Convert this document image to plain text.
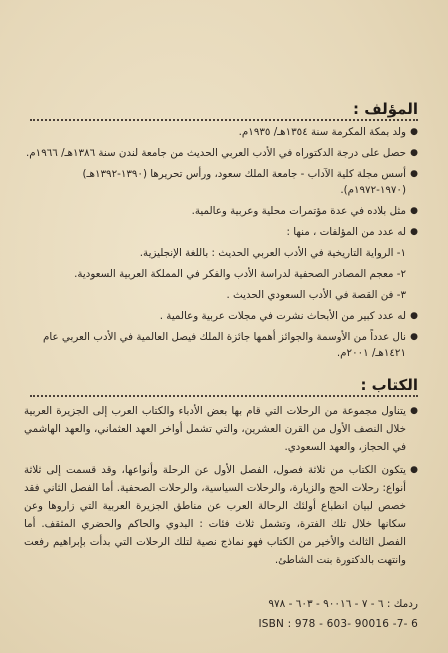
المؤلف :
●
ولد بمكة المكرمة سنة ١٣٥٤هـ/ ١٩٣٥م.
●
حصل على درجة الدكتوراه في الأدب العربي الحديث من جامعة لندن سنة ١٣٨٦هـ/ ١٩٦٦م.
●
أسس مجلة كلية الآداب - جامعة الملك سعود، ورأس تحريرها (١٣٩٠-١٣٩٢هـ) (١٩٧٠-١٩٧٢م).
●
مثل بلاده في عدة مؤتمرات محلية وعربية وعالمية.
●
له عدد من المؤلفات ، منها :
١- الرواية التاريخية في الأدب العربي الحديث : باللغة الإنجليزية.
٢- معجم المصادر الصحفية لدراسة الأدب والفكر في المملكة العربية السعودية.
٣- فن القصة في الأدب السعودي الحديث .
●
له عدد كبير من الأبحاث نشرت في مجلات عربية وعالمية .
●
نال عدداً من الأوسمة والجوائز أهمها جائزة الملك فيصل العالمية في الأدب العربي عام ١٤٢١هـ/ ٢٠٠١م.
الكتاب :
●
يتناول مجموعة من الرحلات التي قام بها بعض الأدباء والكتاب العرب إلى الجزيرة العربية خلال النصف الأول من القرن العشرين، والتي تشمل أواخر العهد العثماني، والعهد الهاشمي في الحجاز، والعهد السعودي.
●
يتكون الكتاب من ثلاثة فصول، الفصل الأول عن الرحلة وأنواعها، وقد قسمت إلى ثلاثة أنواع: رحلات الحج والزيارة، والرحلات السياسية، والرحلات الصحفية. أما الفصل الثاني فقد خصص لبيان انطباع أولئك الرحالة العرب عن مناطق الجزيرة العربية التي زاروها وعن سكانها خلال تلك الفترة، وتشمل ثلاث فئات : البدوي والحاكم والحضري المثقف. أما الفصل الثالث والأخير من الكتاب فهو نماذج نصية لتلك الرحلات التي بدأت بإبراهيم رفعت وانتهت بالدكتورة بنت الشاطئ.
ردمك : ٦ - ٧ - ٩٠٠١٦ - ٦٠٣ - ٩٧٨
ISBN : 978 - 603- 90016 -7- 6
